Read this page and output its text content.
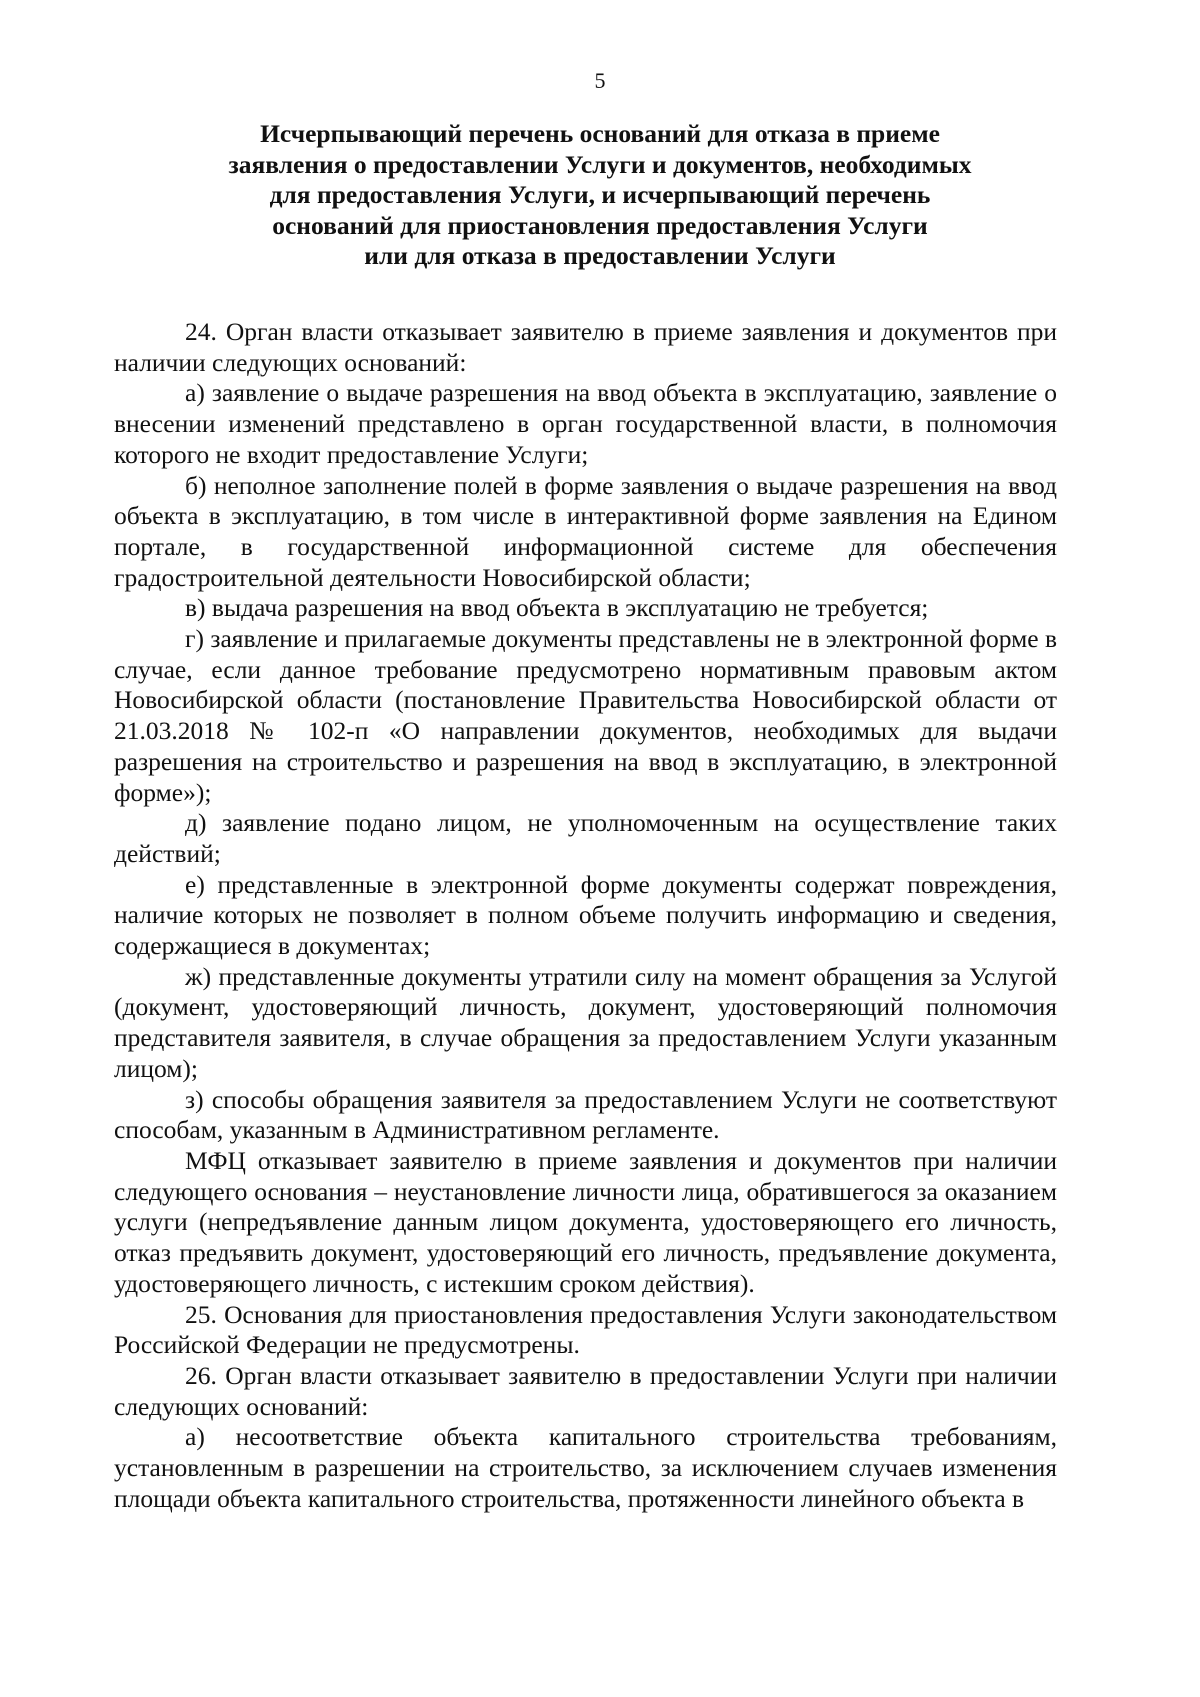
5
Исчерпывающий перечень оснований для отказа в приеме
заявления о предоставлении Услуги и документов, необходимых
для предоставления Услуги, и исчерпывающий перечень
оснований для приостановления предоставления Услуги
или для отказа в предоставлении Услуги

24. Орган власти отказывает заявителю в приеме заявления и документов при наличии следующих оснований:

а) заявление о выдаче разрешения на ввод объекта в эксплуатацию, заявление о внесении изменений представлено в орган государственной власти, в полномочия которого не входит предоставление Услуги;

б) неполное заполнение полей в форме заявления о выдаче разрешения на ввод объекта в эксплуатацию, в том числе в интерактивной форме заявления на Едином портале, в государственной информационной системе для обеспечения градостроительной деятельности Новосибирской области;

в) выдача разрешения на ввод объекта в эксплуатацию не требуется;

г) заявление и прилагаемые документы представлены не в электронной форме в случае, если данное требование предусмотрено нормативным правовым актом Новосибирской области (постановление Правительства Новосибирской области от 21.03.2018 № 102-п «О направлении документов, необходимых для выдачи разрешения на строительство и разрешения на ввод в эксплуатацию, в электронной форме»);

д) заявление подано лицом, не уполномоченным на осуществление таких действий;

е) представленные в электронной форме документы содержат повреждения, наличие которых не позволяет в полном объеме получить информацию и сведения, содержащиеся в документах;

ж) представленные документы утратили силу на момент обращения за Услугой (документ, удостоверяющий личность, документ, удостоверяющий полномочия представителя заявителя, в случае обращения за предоставлением Услуги указанным лицом);

з) способы обращения заявителя за предоставлением Услуги не соответствуют способам, указанным в Административном регламенте.

МФЦ отказывает заявителю в приеме заявления и документов при наличии следующего основания – неустановление личности лица, обратившегося за оказанием услуги (непредъявление данным лицом документа, удостоверяющего его личность, отказ предъявить документ, удостоверяющий его личность, предъявление документа, удостоверяющего личность, с истекшим сроком действия).

25. Основания для приостановления предоставления Услуги законодательством Российской Федерации не предусмотрены.

26. Орган власти отказывает заявителю в предоставлении Услуги при наличии следующих оснований:

а) несоответствие объекта капитального строительства требованиям, установленным в разрешении на строительство, за исключением случаев изменения площади объекта капитального строительства, протяженности линейного объекта в
